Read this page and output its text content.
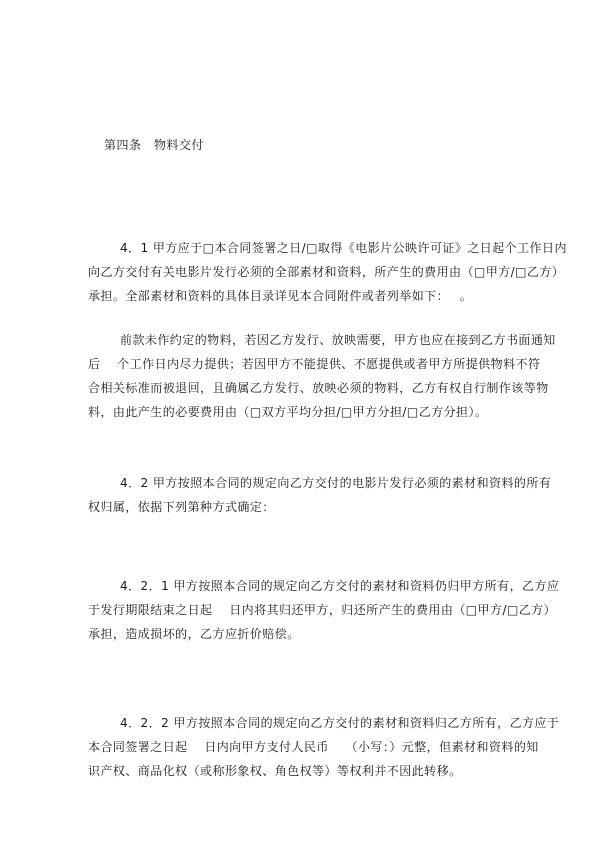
第四条　物料交付
4．1 甲方应于□本合同签署之日/□取得《电影片公映许可证》之日起个工作日内
向乙方交付有关电影片发行必须的全部素材和资料，所产生的费用由（□甲方/□乙方）
承担。全部素材和资料的具体目录详见本合同附件或者列举如下：　 。
前款未作约定的物料，若因乙方发行、放映需要，甲方也应在接到乙方书面通知
后　 个工作日内尽力提供；若因甲方不能提供、不愿提供或者甲方所提供物料不符
合相关标准而被退回，且确属乙方发行、放映必须的物料，乙方有权自行制作该等物
料，由此产生的必要费用由（□双方平均分担/□甲方分担/□乙方分担）。
4．2 甲方按照本合同的规定向乙方交付的电影片发行必须的素材和资料的所有
权归属，依据下列第种方式确定：
4．2．1 甲方按照本合同的规定向乙方交付的素材和资料仍归甲方所有，乙方应
于发行期限结束之日起　 日内将其归还甲方，归还所产生的费用由（□甲方/□乙方）
承担，造成损坏的，乙方应折价赔偿。
4．2．2 甲方按照本合同的规定向乙方交付的素材和资料归乙方所有，乙方应于
本合同签署之日起　 日内向甲方支付人民币　 （小写：）元整，但素材和资料的知
识产权、商品化权（或称形象权、角色权等）等权利并不因此转移。
